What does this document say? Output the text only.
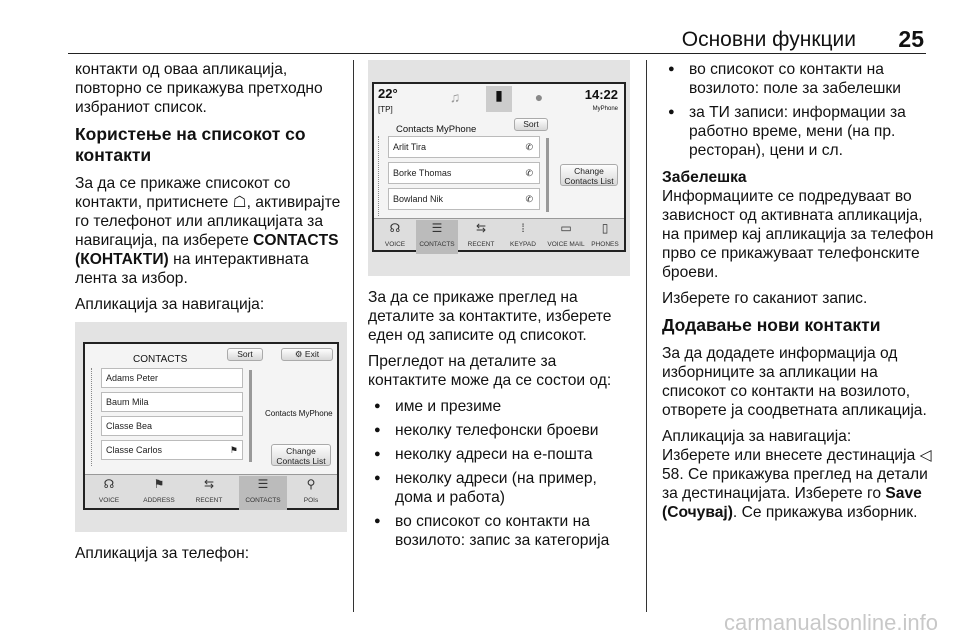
Основни функции 25
контакти од оваа апликација, повторно се прикажува претходно избраниот список.
Користење на списокот со контакти
За да се прикаже списокот со контакти, притиснете ☖, активирајте го телефонот или апликацијата за навигација, па изберете CONTACTS (КОНТАКТИ) на интерактивната лента за избор.
Апликација за навигација:
CONTACTS	Sort	⚙ Exit
Adams Peter
Baum Mila
Classe Bea
Classe Carlos	⚑
Contacts MyPhone
Change Contacts List
☊
VOICE
⚑
ADDRESS
⇆
RECENT
☰
CONTACTS
⚲
POIs
Апликација за телефон:
22°
[TP]
♫	▮	●	14:22
MyPhone
Contacts MyPhone	Sort
Arlit Tira	✆
Borke Thomas	✆
Bowland Nik	✆
Change Contacts List
☊
VOICE
☰
CONTACTS
⇆
RECENT
⁞
KEYPAD
▭
VOICE MAIL
▯
PHONES
За да се прикаже преглед на деталите за контактите, изберете еден од записите од списокот.
Прегледот на деталите за контактите може да се состои од:
● име и презиме
● неколку телефонски броеви
● неколку адреси на е-пошта
● неколку адреси (на пример, дома и работа)
● во списокот со контакти на возилото: запис за категорија
● во списокот со контакти на возилото: поле за забелешки
● за ТИ записи: информации за работно време, мени (на пр. ресторан), цени и сл.
Забелешка
Информациите се подредуваат во зависност од активната апликација, на пример кај апликација за телефон прво се прикажуваат телефонските броеви.
Изберете го саканиот запис.
Додавање нови контакти
За да додадете информација од изборниците за апликации на списокот со контакти на возилото, отворете ја соодветната апликација.
Апликација за навигација:
Изберете или внесете дестинација ◁ 58. Се прикажува преглед на детали за дестинацијата. Изберете го Save (Сочувај). Се прикажува изборник.
carmanualsonline.info
